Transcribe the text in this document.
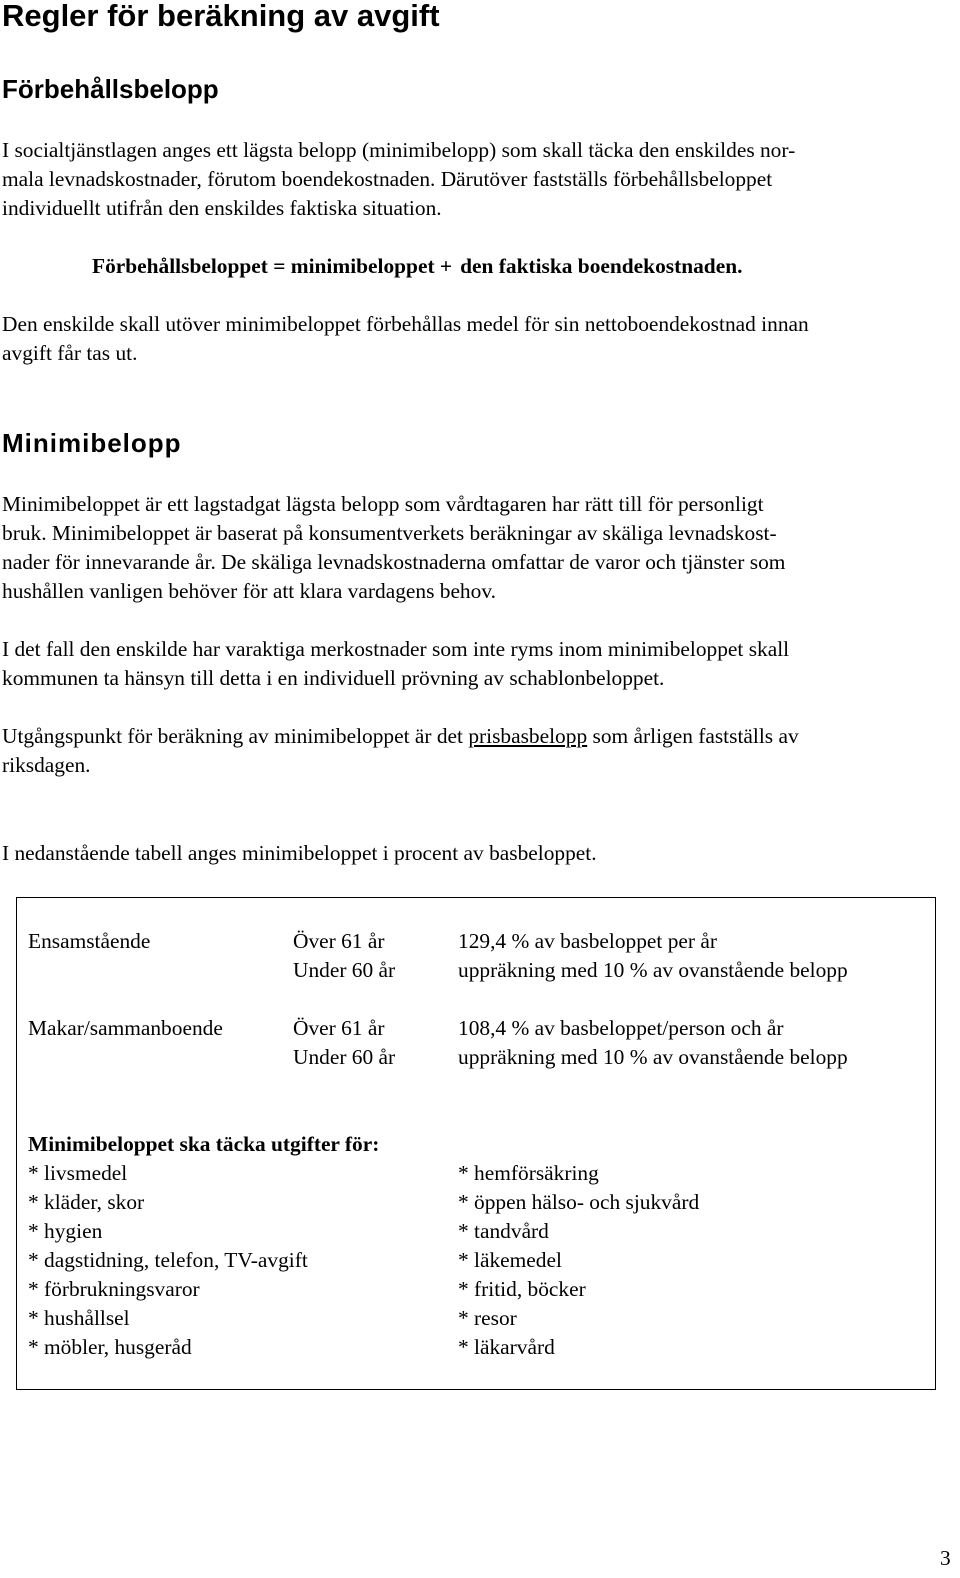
Regler för beräkning av avgift
Förbehållsbelopp

I socialtjänstlagen anges ett lägsta belopp (minimibelopp) som skall täcka den enskildes nor-
mala levnadskostnader, förutom boendekostnaden. Därutöver fastställs förbehållsbeloppet
individuellt utifrån den enskildes faktiska situation.

Förbehållsbeloppet = minimibeloppet + den faktiska boendekostnaden.

Den enskilde skall utöver minimibeloppet förbehållas medel för sin nettoboendekostnad innan
avgift får tas ut.

Minimibelopp

Minimibeloppet är ett lagstadgat lägsta belopp som vårdtagaren har rätt till för personligt
bruk. Minimibeloppet är baserat på konsumentverkets beräkningar av skäliga levnadskost-
nader för innevarande år. De skäliga levnadskostnaderna omfattar de varor och tjänster som
hushållen vanligen behöver för att klara vardagens behov.

I det fall den enskilde har varaktiga merkostnader som inte ryms inom minimibeloppet skall
kommunen ta hänsyn till detta i en individuell prövning av schablonbeloppet.

Utgångspunkt för beräkning av minimibeloppet är det prisbasbelopp som årligen fastställs av
riksdagen.

I nedanstående tabell anges minimibeloppet i procent av basbeloppet.

Ensamstående	Över 61 år
Under 60 år

129,4 % av basbeloppet per år
uppräkning med 10 % av ovanstående belopp

Makar/sammanboende	Över 61 år
Under 60 år

108,4 % av basbeloppet/person och år
uppräkning med 10 % av ovanstående belopp

Minimibeloppet ska täcka utgifter för:

* livsmedel
* kläder, skor
* hygien
* dagstidning, telefon, TV-avgift
* förbrukningsvaror
* hushållsel
* möbler, husgeråd

* hemförsäkring
* öppen hälso- och sjukvård
* tandvård
* läkemedel
* fritid, böcker
* resor
* läkarvård

3
